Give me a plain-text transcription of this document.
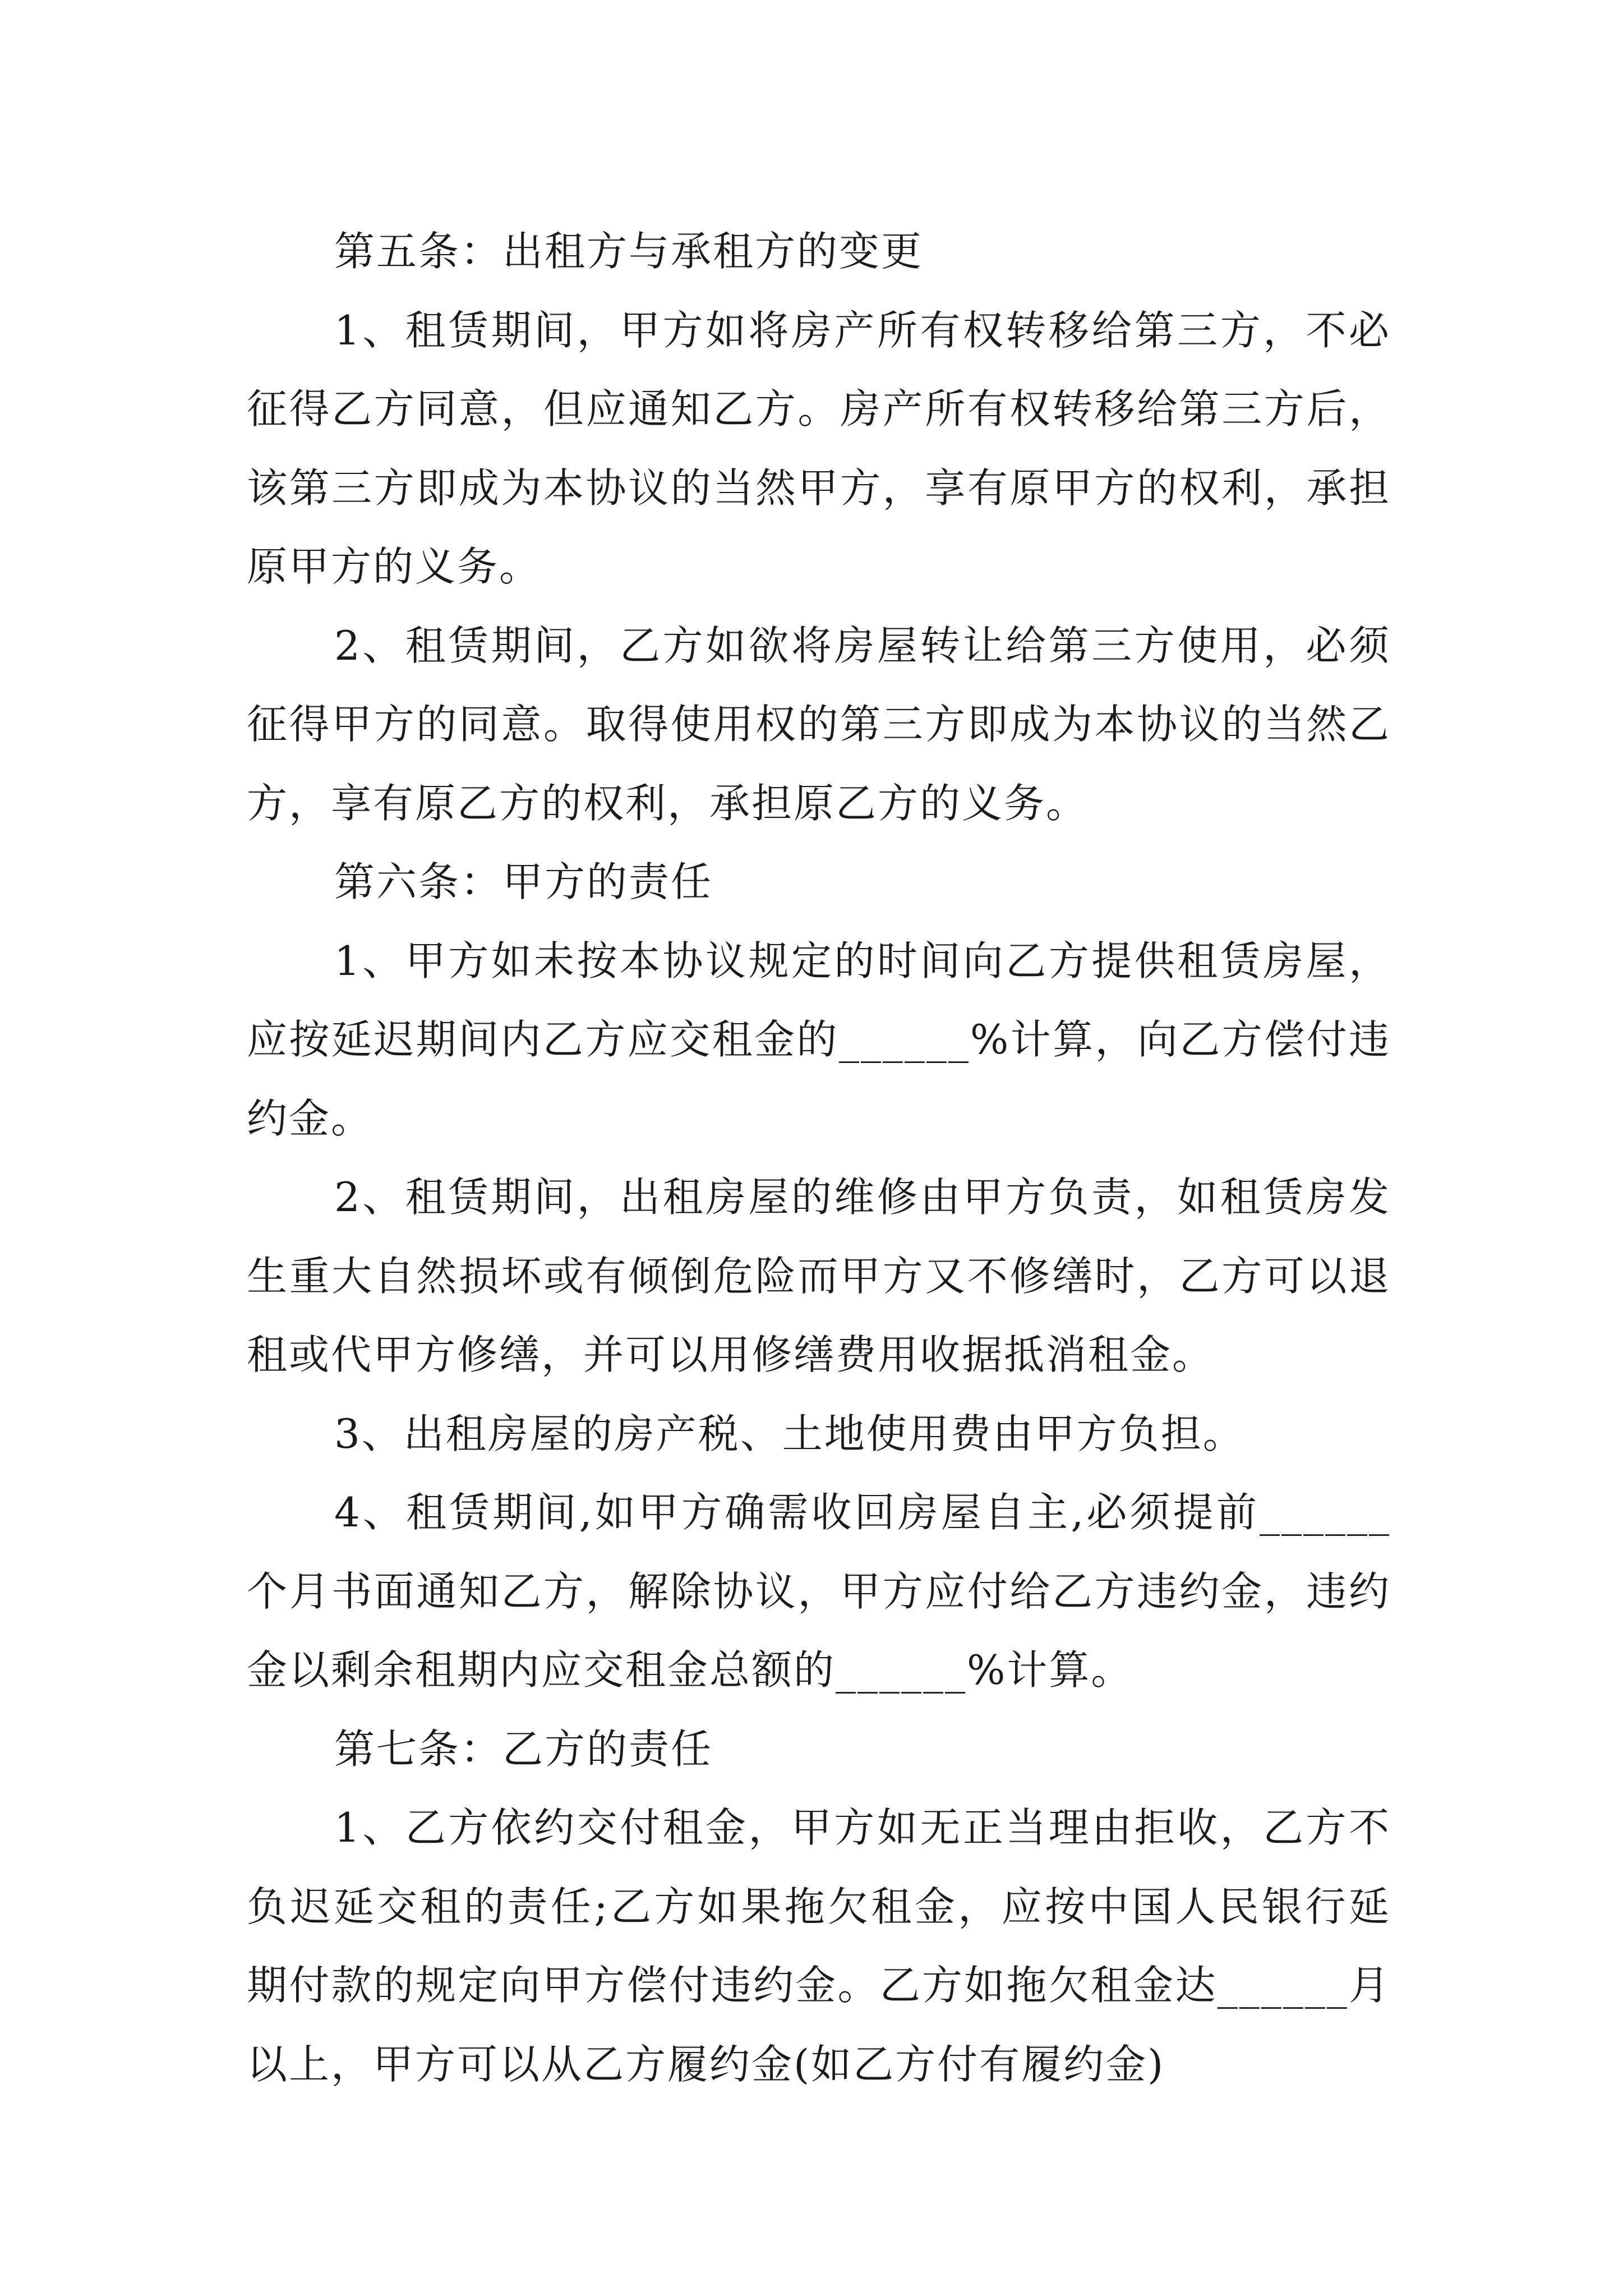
第五条：出租方与承租方的变更

1、租赁期间，甲方如将房产所有权转移给第三方，不必征得乙方同意，但应通知乙方。房产所有权转移给第三方后，该第三方即成为本协议的当然甲方，享有原甲方的权利，承担原甲方的义务。

2、租赁期间，乙方如欲将房屋转让给第三方使用，必须征得甲方的同意。取得使用权的第三方即成为本协议的当然乙方，享有原乙方的权利，承担原乙方的义务。

第六条：甲方的责任

1、甲方如未按本协议规定的时间向乙方提供租赁房屋，应按延迟期间内乙方应交租金的______%计算，向乙方偿付违约金。

2、租赁期间，出租房屋的维修由甲方负责，如租赁房发生重大自然损坏或有倾倒危险而甲方又不修缮时，乙方可以退租或代甲方修缮，并可以用修缮费用收据抵消租金。

3、出租房屋的房产税、土地使用费由甲方负担。

4、租赁期间,如甲方确需收回房屋自主,必须提前______个月书面通知乙方，解除协议，甲方应付给乙方违约金，违约金以剩余租期内应交租金总额的______%计算。

第七条：乙方的责任

1、乙方依约交付租金，甲方如无正当理由拒收，乙方不负迟延交租的责任;乙方如果拖欠租金，应按中国人民银行延期付款的规定向甲方偿付违约金。乙方如拖欠租金达______月以上，甲方可以从乙方履约金(如乙方付有履约金)
